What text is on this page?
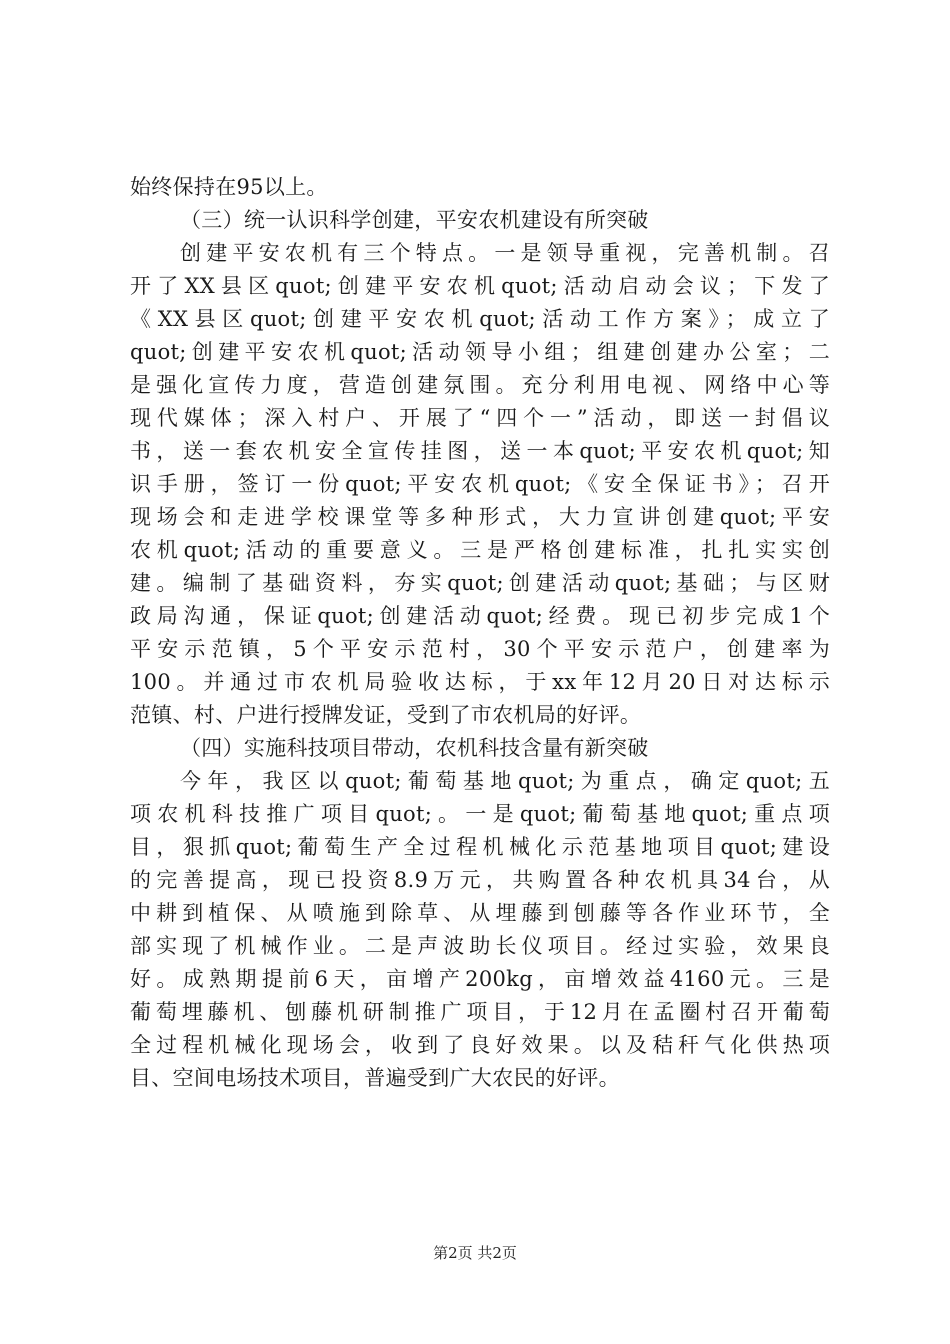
始终保持在95以上。
（三）统一认识科学创建，平安农机建设有所突破
创建平安农机有三个特点。一是领导重视，完善机制。召
开了XX县区quot;创建平安农机quot;活动启动会议；下发了
《XX县区quot;创建平安农机quot;活动工作方案》；成立了
quot;创建平安农机quot;活动领导小组；组建创建办公室；二
是强化宣传力度，营造创建氛围。充分利用电视、网络中心等
现代媒体；深入村户、开展了“四个一”活动，即送一封倡议
书，送一套农机安全宣传挂图，送一本quot;平安农机quot;知
识手册，签订一份quot;平安农机quot;《安全保证书》；召开
现场会和走进学校课堂等多种形式，大力宣讲创建quot;平安
农机quot;活动的重要意义。三是严格创建标准，扎扎实实创
建。编制了基础资料，夯实quot;创建活动quot;基础；与区财
政局沟通，保证quot;创建活动quot;经费。现已初步完成1个
平安示范镇，5个平安示范村，30个平安示范户，创建率为
100。并通过市农机局验收达标，于xx年12月20日对达标示
范镇、村、户进行授牌发证，受到了市农机局的好评。
（四）实施科技项目带动，农机科技含量有新突破
今年，我区以quot;葡萄基地quot;为重点，确定quot;五
项农机科技推广项目quot;。一是quot;葡萄基地quot;重点项
目，狠抓quot;葡萄生产全过程机械化示范基地项目quot;建设
的完善提高，现已投资8.9万元，共购置各种农机具34台，从
中耕到植保、从喷施到除草、从埋藤到刨藤等各作业环节，全
部实现了机械作业。二是声波助长仪项目。经过实验，效果良
好。成熟期提前6天，亩增产200kg，亩增效益4160元。三是
葡萄埋藤机、刨藤机研制推广项目，于12月在孟圈村召开葡萄
全过程机械化现场会，收到了良好效果。以及秸秆气化供热项
目、空间电场技术项目，普遍受到广大农民的好评。
第2页 共2页
